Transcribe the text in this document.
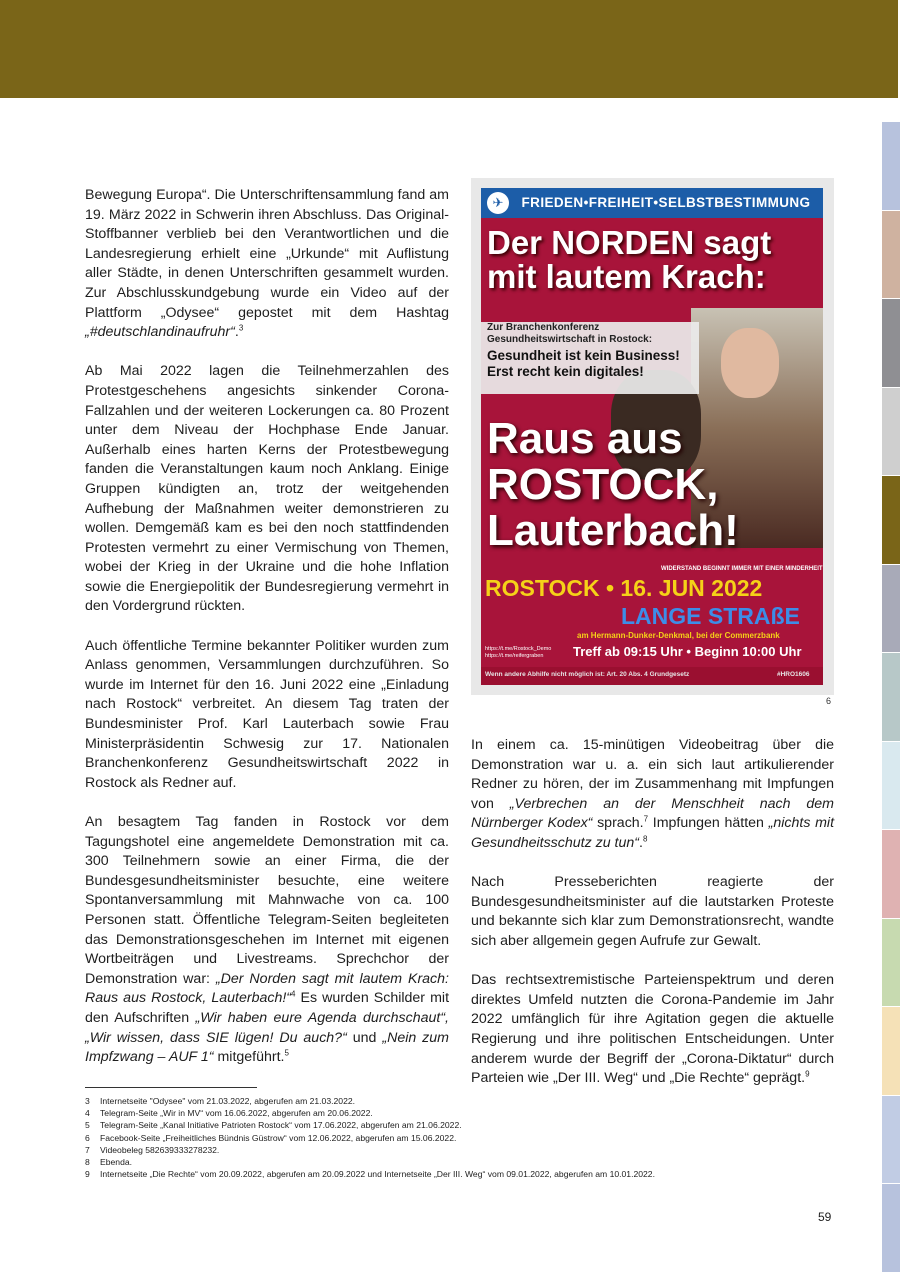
Bewegung Europa“. Die Unterschriftensammlung fand am 19. März 2022 in Schwerin ihren Abschluss. Das Original-Stoffbanner verblieb bei den Verantwortlichen und die Landesregierung erhielt eine „Urkunde“ mit Auflistung aller Städte, in denen Unterschriften gesammelt wurden. Zur Abschlusskundgebung wurde ein Video auf der Plattform „Odysee“ gepostet mit dem Hashtag „#deutschlandinaufruhr“.$^3$

Ab Mai 2022 lagen die Teilnehmerzahlen des Protestgeschehens angesichts sinkender Corona-Fallzahlen und der weiteren Lockerungen ca. 80 Prozent unter dem Niveau der Hochphase Ende Januar. Außerhalb eines harten Kerns der Protestbewegung fanden die Veranstaltungen kaum noch Anklang. Einige Gruppen kündigten an, trotz der weitgehenden Aufhebung der Maßnahmen weiter demonstrieren zu wollen. Demgemäß kam es bei den noch stattfindenden Protesten vermehrt zu einer Vermischung von Themen, wobei der Krieg in der Ukraine und die hohe Inflation sowie die Energiepolitik der Bundesregierung vermehrt in den Vordergrund rückten.

Auch öffentliche Termine bekannter Politiker wurden zum Anlass genommen, Versammlungen durchzuführen. So wurde im Internet für den 16. Juni 2022 eine „Einladung nach Rostock“ verbreitet. An diesem Tag traten der Bundesminister Prof. Karl Lauterbach sowie Frau Ministerpräsidentin Schwesig zur 17. Nationalen Branchenkonferenz Gesundheitswirtschaft 2022 in Rostock als Redner auf.

An besagtem Tag fanden in Rostock vor dem Tagungshotel eine angemeldete Demonstration mit ca. 300 Teilnehmern sowie an einer Firma, die der Bundesgesundheitsminister besuchte, eine weitere Spontanversammlung mit Mahnwache von ca. 100 Personen statt. Öffentliche Telegram-Seiten begleiteten das Demonstrationsgeschehen im Internet mit eigenen Wortbeiträgen und Livestreams. Sprechchor der Demonstration war: „Der Norden sagt mit lautem Krach: Raus aus Rostock, Lauterbach!“$^4$ Es wurden Schilder mit den Aufschriften „Wir haben eure Agenda durchschaut“, „Wir wissen, dass SIE lügen! Du auch?“ und „Nein zum Impfzwang – AUF 1“ mitgeführt.$^5$

FRIEDEN•FREIHEIT•SELBSTBESTIMMUNG
✈
Der NORDEN sagt mit lautem Krach:
Zur Branchenkonferenz Gesundheitswirtschaft in Rostock:
Gesundheit ist kein Business! Erst recht kein digitales!
Raus aus ROSTOCK, Lauterbach!
WIDERSTAND BEGINNT IMMER MIT EINER MINDERHEIT
ROSTOCK • 16. JUN 2022
LANGE STRAßE
am Hermann-Dunker-Denkmal, bei der Commerzbank
https://t.me/Rostock_Demo https://t.me/reifergraben	Treff ab 09:15 Uhr • Beginn 10:00 Uhr
Wenn andere Abhilfe nicht möglich ist: Art. 20 Abs. 4 Grundgesetz	#HRO1606
6

In einem ca. 15-minütigen Videobeitrag über die Demonstration war u. a. ein sich laut artikulierender Redner zu hören, der im Zusammenhang mit Impfungen von „Verbrechen an der Menschheit nach dem Nürnberger Kodex“ sprach.$^7$ Impfungen hätten „nichts mit Gesundheitsschutz zu tun“.$^8$

Nach Presseberichten reagierte der Bundesgesundheitsminister auf die lautstarken Proteste und bekannte sich klar zum Demonstrationsrecht, wandte sich aber allgemein gegen Aufrufe zur Gewalt.

Das rechtsextremistische Parteienspektrum und deren direktes Umfeld nutzten die Corona-Pandemie im Jahr 2022 umfänglich für ihre Agitation gegen die aktuelle Regierung und ihre politischen Entscheidungen. Unter anderem wurde der Begriff der „Corona-Diktatur“ durch Parteien wie „Der III. Weg“ und „Die Rechte“ geprägt.$^9$

3	Internetseite "Odysee" vom 21.03.2022, abgerufen am 21.03.2022.
4	Telegram-Seite „Wir in MV“ vom 16.06.2022, abgerufen am 20.06.2022.
5	Telegram-Seite „Kanal Initiative Patrioten Rostock“ vom 17.06.2022, abgerufen am 21.06.2022.
6	Facebook-Seite „Freiheitliches Bündnis Güstrow“ vom 12.06.2022, abgerufen am 15.06.2022.
7	Videobeleg 582639333278232.
8	Ebenda.
9	Internetseite „Die Rechte“ vom 20.09.2022, abgerufen am 20.09.2022 und Internetseite „Der III. Weg“ vom 09.01.2022, abgerufen am 10.01.2022.
59
